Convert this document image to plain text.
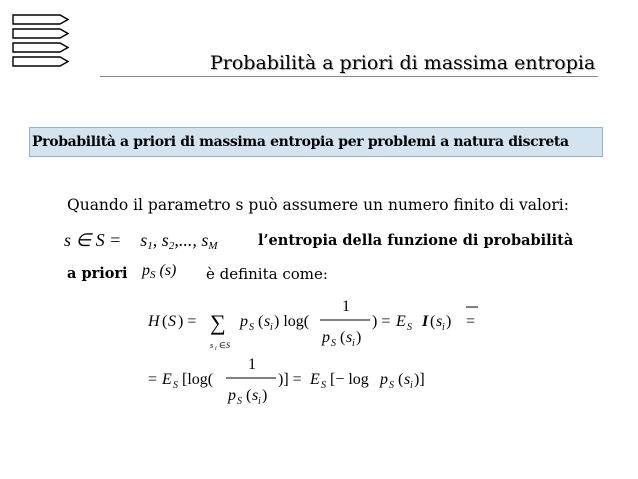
Probabilità a priori di massima entropia
Probabilità a priori di massima entropia per problemi a natura discreta
Quando il parametro s può assumere un numero finito di valori:
s ∈ $S = s_1$, $s_2$,..., $s_M$	l’entropia della funzione di probabilità
a priori $p_S$ (s) è definita come:
H ( S ) = ∑
s i ∈ S
p S ( s i ) log(
1
p S ( s i )
) = E S I ( s i ) =
= E S [log(
1
p S ( s i )
)] = E S [− log p S ( s i )]
